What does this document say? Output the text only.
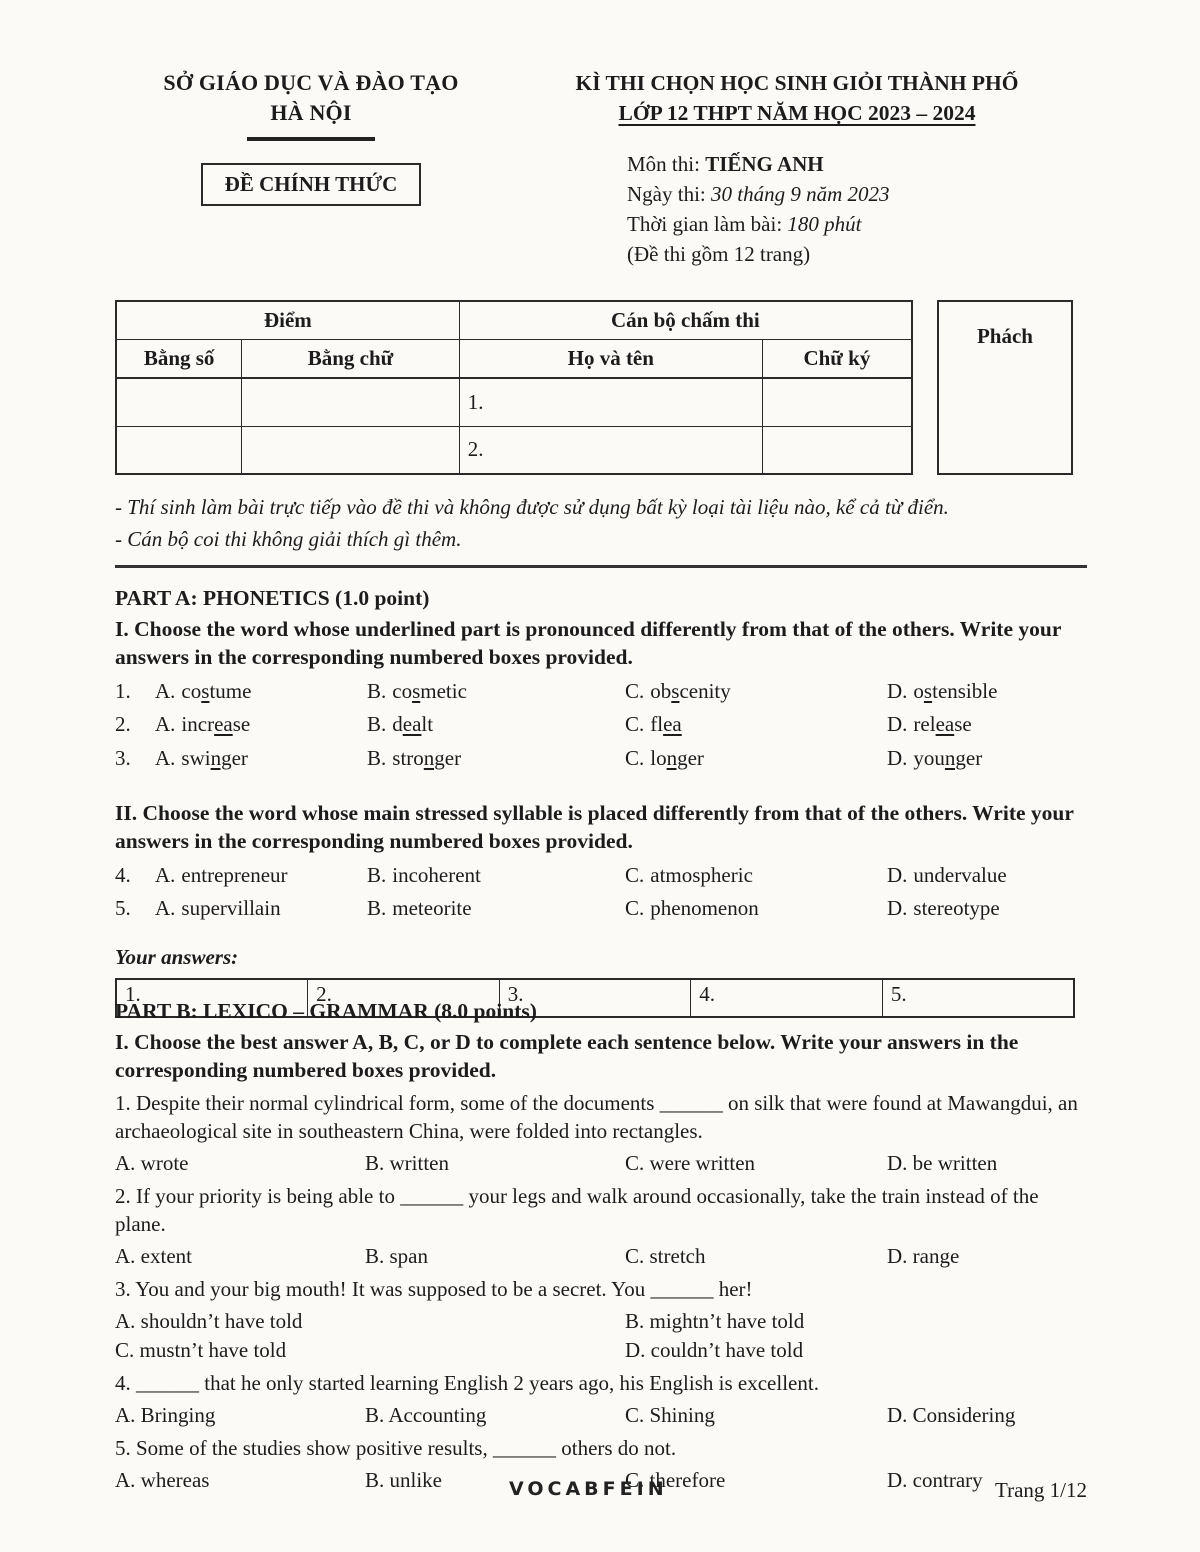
SỞ GIÁO DỤC VÀ ĐÀO TẠO
HÀ NỘI
ĐỀ CHÍNH THỨC
KÌ THI CHỌN HỌC SINH GIỎI THÀNH PHỐ
LỚP 12 THPT NĂM HỌC 2023 – 2024
Môn thi: TIẾNG ANH
Ngày thi: 30 tháng 9 năm 2023
Thời gian làm bài: 180 phút
(Đề thi gồm 12 trang)
Điểm		Cán bộ chấm thi	
Bằng số	Bằng chữ	Họ và tên	Chữ ký
		1.	
		2.	
Phách
- Thí sinh làm bài trực tiếp vào đề thi và không được sử dụng bất kỳ loại tài liệu nào, kể cả từ điển.
- Cán bộ coi thi không giải thích gì thêm.
PART A: PHONETICS (1.0 point)
I. Choose the word whose underlined part is pronounced differently from that of the others. Write your answers in the corresponding numbered boxes provided.
1.	A. costume	B. cosmetic	C. obscenity	D. ostensible
2.	A. increase	B. dealt	C. flea	D. release
3.	A. swinger	B. stronger	C. longer	D. younger
II. Choose the word whose main stressed syllable is placed differently from that of the others. Write your answers in the corresponding numbered boxes provided.
4.	A. entrepreneur	B. incoherent	C. atmospheric	D. undervalue
5.	A. supervillain	B. meteorite	C. phenomenon	D. stereotype
Your answers:
1.	2.	3.	4.	5.
PART B: LEXICO – GRAMMAR (8.0 points)
I. Choose the best answer A, B, C, or D to complete each sentence below. Write your answers in the corresponding numbered boxes provided.
1. Despite their normal cylindrical form, some of the documents ______ on silk that were found at Mawangdui, an archaeological site in southeastern China, were folded into rectangles.
A. wrote	B. written	C. were written	D. be written
2. If your priority is being able to ______ your legs and walk around occasionally, take the train instead of the plane.
A. extent	B. span	C. stretch	D. range
3. You and your big mouth! It was supposed to be a secret. You ______ her!
A. shouldn’t have told	B. mightn’t have told
C. mustn’t have told	D. couldn’t have told
4. ______ that he only started learning English 2 years ago, his English is excellent.
A. Bringing	B. Accounting	C. Shining	D. Considering
5. Some of the studies show positive results, ______ others do not.
A. whereas	B. unlike	C. therefore	D. contrary
VOCABFEIN	Trang 1/12
